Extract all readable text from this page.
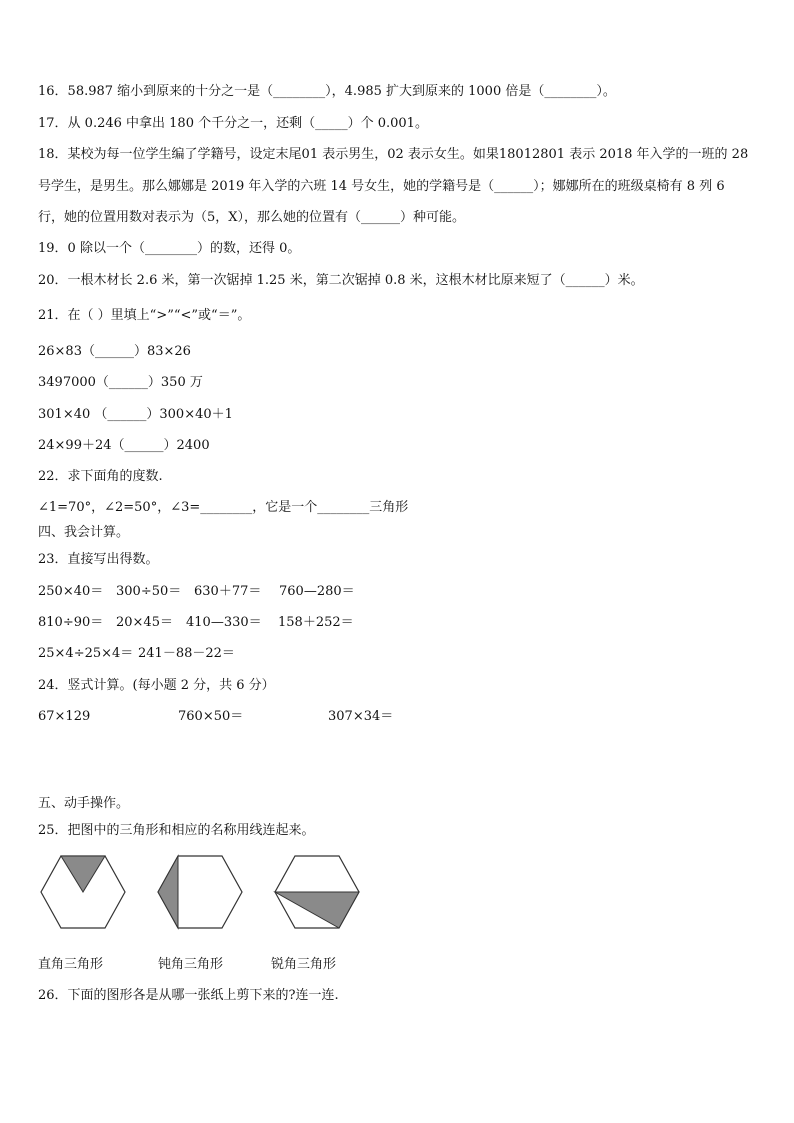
16．58.987 缩小到原来的十分之一是（________），4.985 扩大到原来的 1000 倍是（________）。
17．从 0.246 中拿出 180 个千分之一，还剩（_____）个 0.001。
18．某校为每一位学生编了学籍号，设定末尾01 表示男生，02 表示女生。如果18012801 表示 2018 年入学的一班的 28
号学生，是男生。那么娜娜是 2019 年入学的六班 14 号女生，她的学籍号是（______）；娜娜所在的班级桌椅有 8 列 6
行，她的位置用数对表示为（5，X），那么她的位置有（______）种可能。
19．0 除以一个（________）的数，还得 0。
20．一根木材长 2.6 米，第一次锯掉 1.25 米，第二次锯掉 0.8 米，这根木材比原来短了（______）米。
21．在（ ）里填上“>”“<”或“＝”。
26×83（______）83×26
3497000（______）350 万
301×40 （______）300×40＋1
24×99＋24（______）2400
22．求下面角的度数.
∠1=70°，∠2=50°，∠3=________，它是一个________三角形
四、我会计算。
23．直接写出得数。
250×40＝ 300÷50＝ 630＋77＝ 760—280＝
810÷90＝ 20×45＝ 410—330＝ 158＋252＝
25×4÷25×4＝ 241－88－22＝
24．竖式计算。(每小题 2 分，共 6 分）
67×129	760×50＝	307×34＝
五、动手操作。
25．把图中的三角形和相应的名称用线连起来。
直角三角形	钝角三角形	锐角三角形
26．下面的图形各是从哪一张纸上剪下来的?连一连.
